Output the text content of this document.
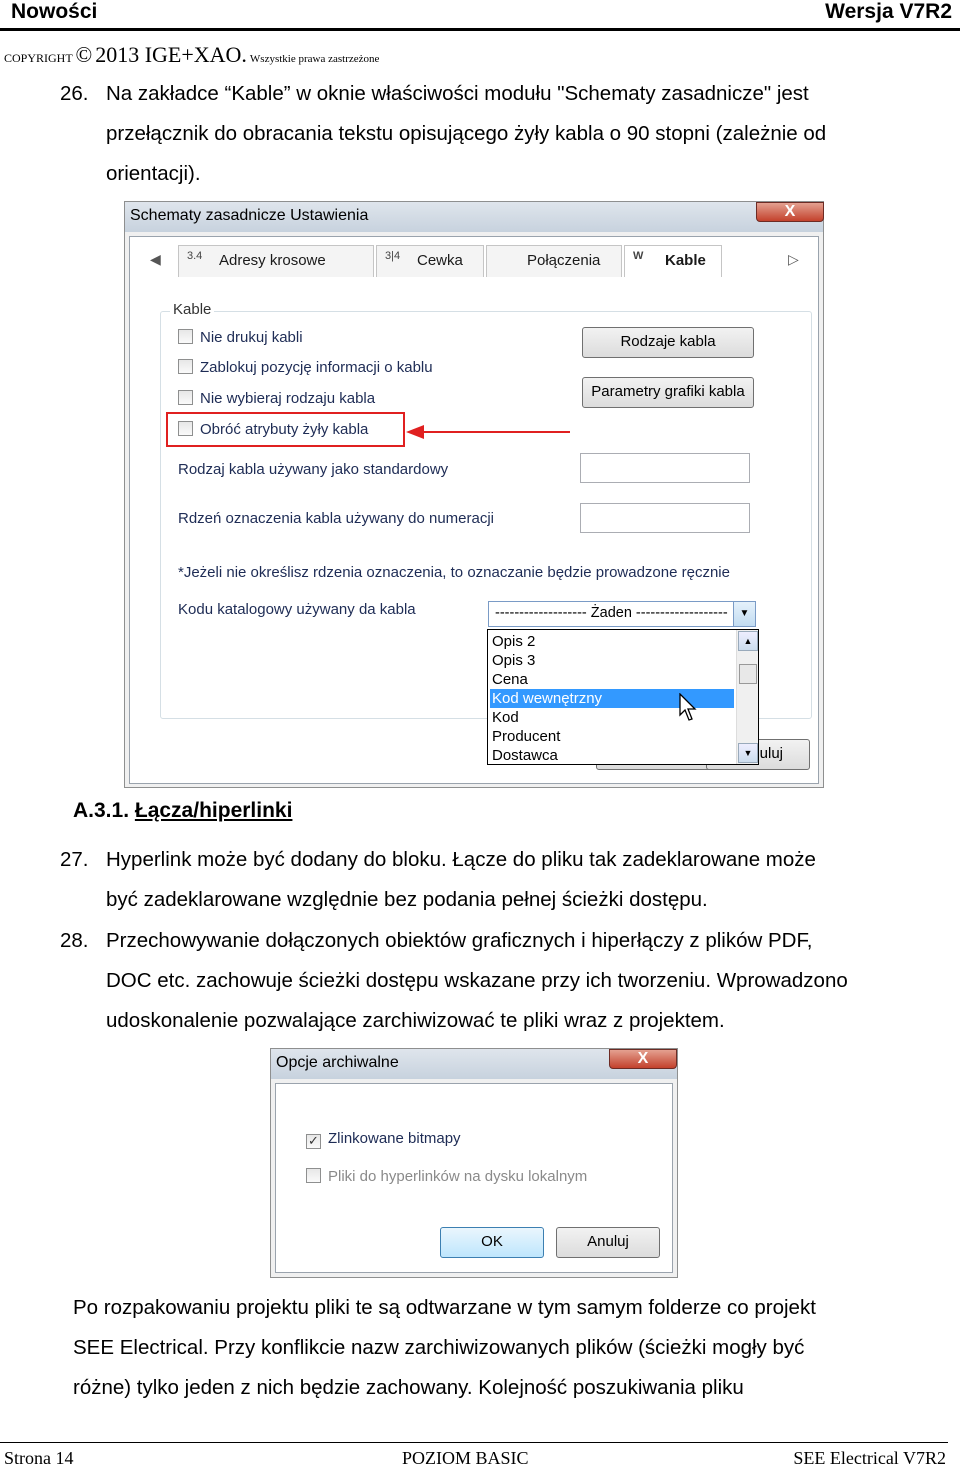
Nowości	Wersja V7R2
COPYRIGHT © 2013 IGE+XAO. Wszystkie prawa zastrzeżone
26. Na zakładce “Kable” w oknie właściwości modułu "Schematy zasadnicze" jest
przełącznik do obracania tekstu opisującego żyły kabla o 90 stopni (zależnie od
orientacji).
Schematy zasadnicze Ustawienia	X
◀ 3.4	Adresy krosowe	3|4	Cewka	Połączenia	W	Kable	▷
Kable
Nie drukuj kabli
Zablokuj pozycję informacji o kablu
Nie wybieraj rodzaju kabla
Obróć atrybuty żyły kabla
Rodzaje kabla
Parametry grafiki kabla
Rodzaj kabla używany jako standardowy
Rdzeń oznaczenia kabla używany do numeracji
*Jeżeli nie określisz rdzenia oznaczenia, to oznaczanie będzie prowadzone ręcznie
Kodu katalogowy używany da kabla	------------------- Żaden -------------------	▼
uluj
Opis 2
Opis 3
Cena
Kod wewnętrzny
Kod
Producent
Dostawca
▲
▼
A.3.1. Łącza/hiperlinki
27. Hyperlink może być dodany do bloku. Łącze do pliku tak zadeklarowane może
być zadeklarowane względnie bez podania pełnej ścieżki dostępu.
28. Przechowywanie dołączonych obiektów graficznych i hiperłączy z plików PDF,
DOC etc. zachowuje ścieżki dostępu wskazane przy ich tworzeniu. Wprowadzono
udoskonalenie pozwalające zarchiwizować te pliki wraz z projektem.
Opcje archiwalne	X
✓ Zlinkowane bitmapy
Pliki do hyperlinków na dysku lokalnym
OK	Anuluj
Po rozpakowaniu projektu pliki te są odtwarzane w tym samym folderze co projekt
SEE Electrical. Przy konflikcie nazw zarchiwizowanych plików (ścieżki mogły być
różne) tylko jeden z nich będzie zachowany. Kolejność poszukiwania pliku
Strona 14	POZIOM BASIC	SEE Electrical V7R2
